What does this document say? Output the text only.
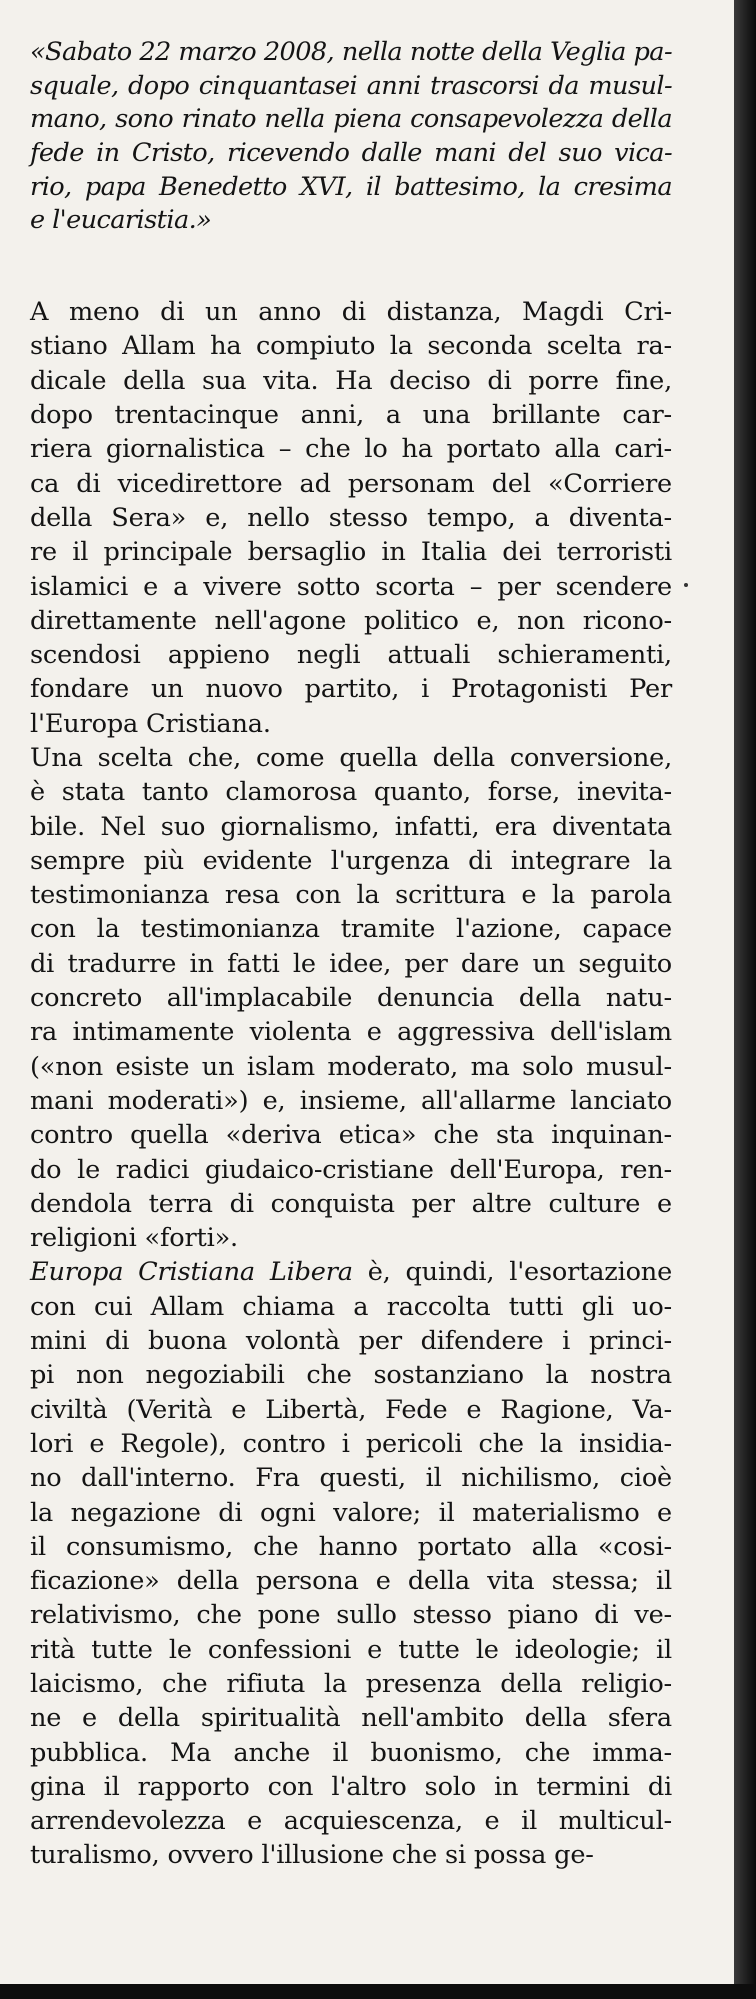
«Sabato 22 marzo 2008, nella notte della Veglia pa-
squale, dopo cinquantasei anni trascorsi da musul-
mano, sono rinato nella piena consapevolezza della
fede in Cristo, ricevendo dalle mani del suo vica-
rio, papa Benedetto XVI, il battesimo, la cresima
e l'eucaristia.»
A meno di un anno di distanza, Magdi Cri-
stiano Allam ha compiuto la seconda scelta ra-
dicale della sua vita. Ha deciso di porre fine,
dopo trentacinque anni, a una brillante car-
riera giornalistica – che lo ha portato alla cari-
ca di vicedirettore ad personam del «Corriere
della Sera» e, nello stesso tempo, a diventa-
re il principale bersaglio in Italia dei terroristi
islamici e a vivere sotto scorta – per scendere
direttamente nell'agone politico e, non ricono-
scendosi appieno negli attuali schieramenti,
fondare un nuovo partito, i Protagonisti Per
l'Europa Cristiana.
Una scelta che, come quella della conversione,
è stata tanto clamorosa quanto, forse, inevita-
bile. Nel suo giornalismo, infatti, era diventata
sempre più evidente l'urgenza di integrare la
testimonianza resa con la scrittura e la parola
con la testimonianza tramite l'azione, capace
di tradurre in fatti le idee, per dare un seguito
concreto all'implacabile denuncia della natu-
ra intimamente violenta e aggressiva dell'islam
(«non esiste un islam moderato, ma solo musul-
mani moderati») e, insieme, all'allarme lanciato
contro quella «deriva etica» che sta inquinan-
do le radici giudaico-cristiane dell'Europa, ren-
dendola terra di conquista per altre culture e
religioni «forti».
Europa Cristiana Libera è, quindi, l'esortazione
con cui Allam chiama a raccolta tutti gli uo-
mini di buona volontà per difendere i princi-
pi non negoziabili che sostanziano la nostra
civiltà (Verità e Libertà, Fede e Ragione, Va-
lori e Regole), contro i pericoli che la insidia-
no dall'interno. Fra questi, il nichilismo, cioè
la negazione di ogni valore; il materialismo e
il consumismo, che hanno portato alla «cosi-
ficazione» della persona e della vita stessa; il
relativismo, che pone sullo stesso piano di ve-
rità tutte le confessioni e tutte le ideologie; il
laicismo, che rifiuta la presenza della religio-
ne e della spiritualità nell'ambito della sfera
pubblica. Ma anche il buonismo, che imma-
gina il rapporto con l'altro solo in termini di
arrendevolezza e acquiescenza, e il multicul-
turalismo, ovvero l'illusione che si possa ge-
